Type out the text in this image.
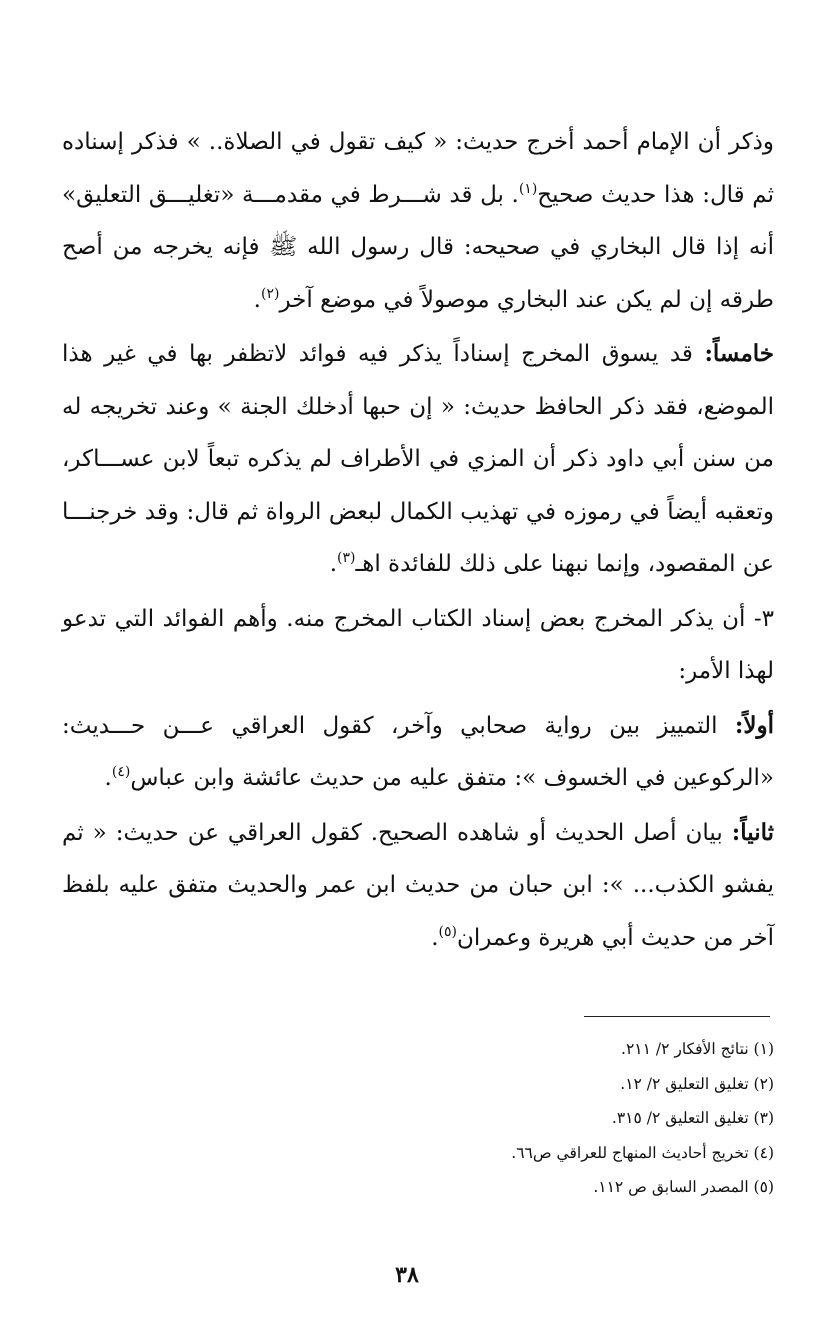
وذكر أن الإمام أحمد أخرج حديث: « كيف تقول في الصلاة.. » فذكر إسناده ثم قال: هذا حديث صحيح$^{(١)}$. بل قد شـــرط في مقدمـــة «تغليـــق التعليق» أنه إذا قال البخاري في صحيحه: قال رسول الله ﷺ فإنه يخرجه من أصح طرقه إن لم يكن عند البخاري موصولاً في موضع آخر$^{(٢)}$.

خامساً: قد يسوق المخرج إسناداً يذكر فيه فوائد لاتظفر بها في غير هذا الموضع، فقد ذكر الحافظ حديث: « إن حبها أدخلك الجنة » وعند تخريجه له من سنن أبي داود ذكر أن المزي في الأطراف لم يذكره تبعاً لابن عســـاكر، وتعقبه أيضاً في رموزه في تهذيب الكمال لبعض الرواة ثم قال: وقد خرجنـــا عن المقصود، وإنما نبهنا على ذلك للفائدة اهـ$^{(٣)}$.

٣- أن يذكر المخرج بعض إسناد الكتاب المخرج منه. وأهم الفوائد التي تدعو لهذا الأمر:

أولاً: التمييز بين رواية صحابي وآخر، كقول العراقي عـــن حـــديث: «الركوعين في الخسوف »: متفق عليه من حديث عائشة وابن عباس$^{(٤)}$.

ثانياً: بيان أصل الحديث أو شاهده الصحيح. كقول العراقي عن حديث: « ثم يفشو الكذب... »: ابن حبان من حديث ابن عمر والحديث متفق عليه بلفظ آخر من حديث أبي هريرة وعمران$^{(٥)}$.

(١) نتائج الأفكار ٢/ ٢١١.
(٢) تغليق التعليق ٢/ ١٢.
(٣) تغليق التعليق ٢/ ٣١٥.
(٤) تخريج أحاديث المنهاج للعراقي ص٦٦.
(٥) المصدر السابق ص ١١٢.
٣٨
